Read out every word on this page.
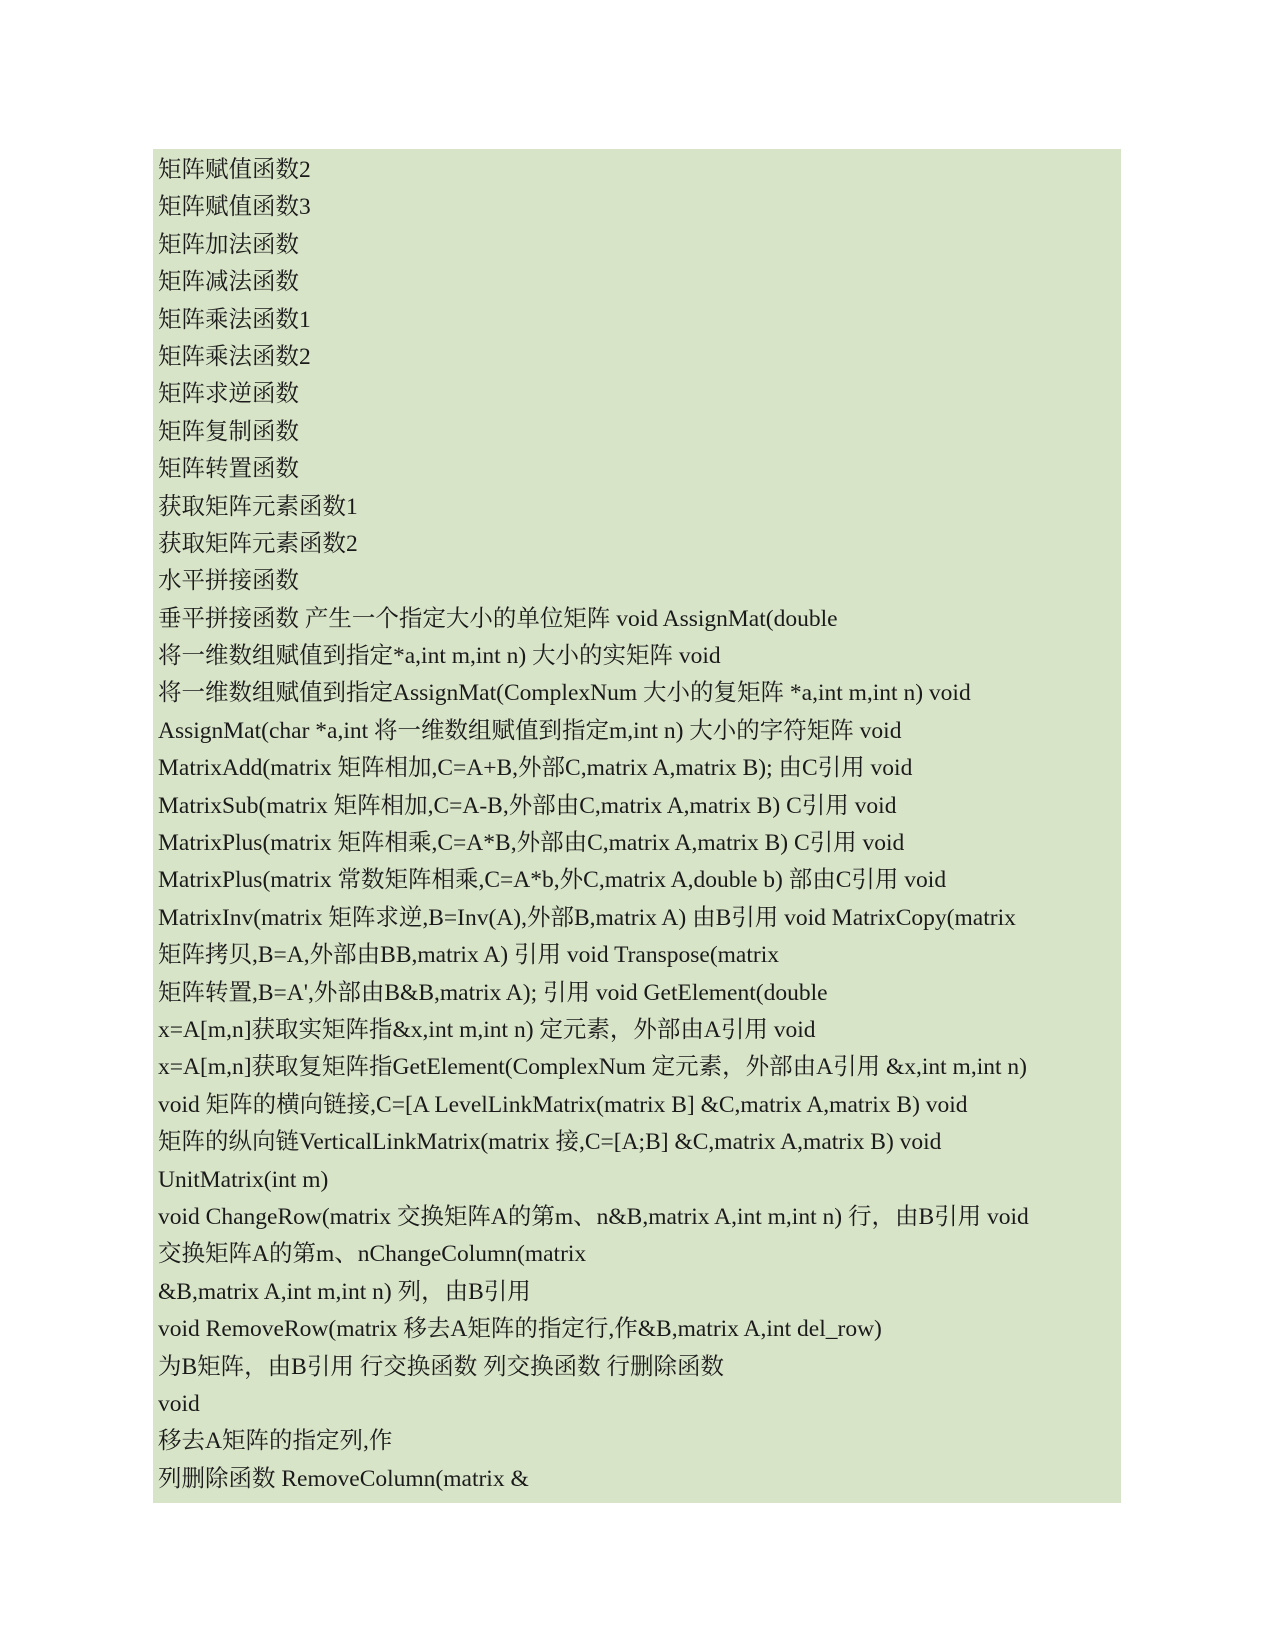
矩阵赋值函数2
矩阵赋值函数3
矩阵加法函数
矩阵减法函数
矩阵乘法函数1
矩阵乘法函数2
矩阵求逆函数
矩阵复制函数
矩阵转置函数
获取矩阵元素函数1
获取矩阵元素函数2
水平拼接函数
垂平拼接函数 产生一个指定大小的单位矩阵 void AssignMat(double
将一维数组赋值到指定*a,int m,int n) 大小的实矩阵 void
将一维数组赋值到指定AssignMat(ComplexNum 大小的复矩阵 *a,int m,int n) void
AssignMat(char *a,int 将一维数组赋值到指定m,int n) 大小的字符矩阵 void
MatrixAdd(matrix 矩阵相加,C=A+B,外部C,matrix A,matrix B); 由C引用 void
MatrixSub(matrix 矩阵相加,C=A-B,外部由C,matrix A,matrix B) C引用 void
MatrixPlus(matrix 矩阵相乘,C=A*B,外部由C,matrix A,matrix B) C引用 void
MatrixPlus(matrix 常数矩阵相乘,C=A*b,外C,matrix A,double b) 部由C引用 void
MatrixInv(matrix 矩阵求逆,B=Inv(A),外部B,matrix A) 由B引用 void MatrixCopy(matrix
矩阵拷贝,B=A,外部由BB,matrix A) 引用 void Transpose(matrix
矩阵转置,B=A',外部由B&B,matrix A); 引用 void GetElement(double
x=A[m,n]获取实矩阵指&x,int m,int n) 定元素，外部由A引用 void
x=A[m,n]获取复矩阵指GetElement(ComplexNum 定元素，外部由A引用 &x,int m,int n)
void 矩阵的横向链接,C=[A LevelLinkMatrix(matrix B] &C,matrix A,matrix B) void
矩阵的纵向链VerticalLinkMatrix(matrix 接,C=[A;B] &C,matrix A,matrix B) void
UnitMatrix(int m)
void ChangeRow(matrix 交换矩阵A的第m、n&B,matrix A,int m,int n) 行，由B引用 void
交换矩阵A的第m、nChangeColumn(matrix
&B,matrix A,int m,int n) 列，由B引用
void RemoveRow(matrix 移去A矩阵的指定行,作&B,matrix A,int del_row)
为B矩阵，由B引用 行交换函数 列交换函数 行删除函数
void
移去A矩阵的指定列,作
列删除函数 RemoveColumn(matrix &
